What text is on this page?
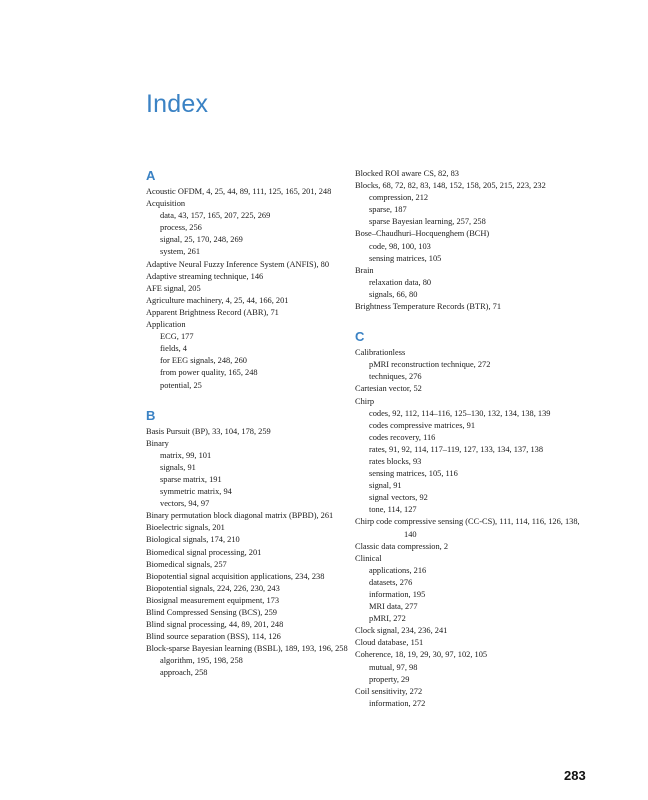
Index
A
Acoustic OFDM, 4, 25, 44, 89, 111, 125, 165, 201, 248
Acquisition
data, 43, 157, 165, 207, 225, 269
process, 256
signal, 25, 170, 248, 269
system, 261
Adaptive Neural Fuzzy Inference System (ANFIS), 80
Adaptive streaming technique, 146
AFE signal, 205
Agriculture machinery, 4, 25, 44, 166, 201
Apparent Brightness Record (ABR), 71
Application
ECG, 177
fields, 4
for EEG signals, 248, 260
from power quality, 165, 248
potential, 25
B
Basis Pursuit (BP), 33, 104, 178, 259
Binary
matrix, 99, 101
signals, 91
sparse matrix, 191
symmetric matrix, 94
vectors, 94, 97
Binary permutation block diagonal matrix (BPBD), 261
Bioelectric signals, 201
Biological signals, 174, 210
Biomedical signal processing, 201
Biomedical signals, 257
Biopotential signal acquisition applications, 234, 238
Biopotential signals, 224, 226, 230, 243
Biosignal measurement equipment, 173
Blind Compressed Sensing (BCS), 259
Blind signal processing, 44, 89, 201, 248
Blind source separation (BSS), 114, 126
Block-sparse Bayesian learning (BSBL), 189, 193, 196, 258
algorithm, 195, 198, 258
approach, 258
Blocked ROI aware CS, 82, 83
Blocks, 68, 72, 82, 83, 148, 152, 158, 205, 215, 223, 232
compression, 212
sparse, 187
sparse Bayesian learning, 257, 258
Bose–Chaudhuri–Hocquenghem (BCH)
code, 98, 100, 103
sensing matrices, 105
Brain
relaxation data, 80
signals, 66, 80
Brightness Temperature Records (BTR), 71
C
Calibrationless
pMRI reconstruction technique, 272
techniques, 276
Cartesian vector, 52
Chirp
codes, 92, 112, 114–116, 125–130, 132, 134, 138, 139
codes compressive matrices, 91
codes recovery, 116
rates, 91, 92, 114, 117–119, 127, 133, 134, 137, 138
rates blocks, 93
sensing matrices, 105, 116
signal, 91
signal vectors, 92
tone, 114, 127
Chirp code compressive sensing (CC-CS), 111, 114, 116, 126, 138, 140
Classic data compression, 2
Clinical
applications, 216
datasets, 276
information, 195
MRI data, 277
pMRI, 272
Clock signal, 234, 236, 241
Cloud database, 151
Coherence, 18, 19, 29, 30, 97, 102, 105
mutual, 97, 98
property, 29
Coil sensitivity, 272
information, 272
283
